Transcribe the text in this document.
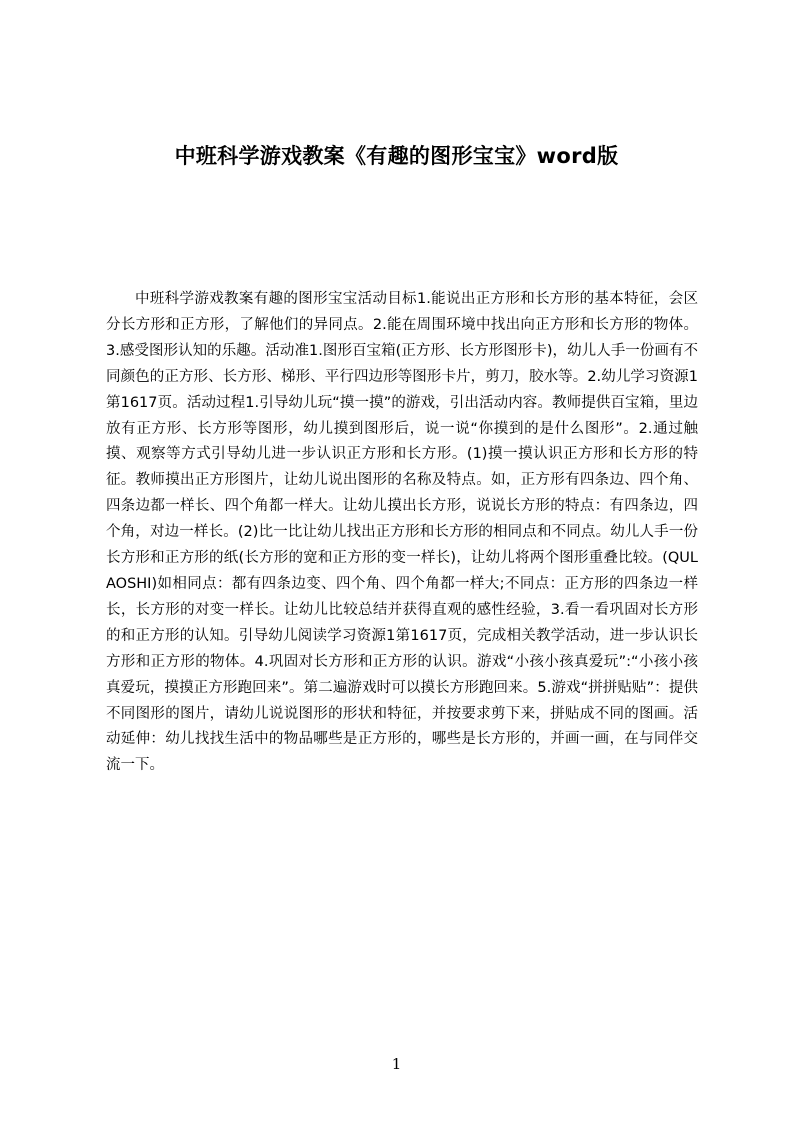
中班科学游戏教案《有趣的图形宝宝》word版
中班科学游戏教案有趣的图形宝宝活动目标1.能说出正方形和长方形的基本特征，会区分长方形和正方形，了解他们的异同点。2.能在周围环境中找出向正方形和长方形的物体。3.感受图形认知的乐趣。活动准1.图形百宝箱(正方形、长方形图形卡)，幼儿人手一份画有不同颜色的正方形、长方形、梯形、平行四边形等图形卡片，剪刀，胶水等。2.幼儿学习资源1第1617页。活动过程1.引导幼儿玩“摸一摸”的游戏，引出活动内容。教师提供百宝箱，里边放有正方形、长方形等图形，幼儿摸到图形后，说一说“你摸到的是什么图形”。2.通过触摸、观察等方式引导幼儿进一步认识正方形和长方形。(1)摸一摸认识正方形和长方形的特征。教师摸出正方形图片，让幼儿说出图形的名称及特点。如，正方形有四条边、四个角、四条边都一样长、四个角都一样大。让幼儿摸出长方形，说说长方形的特点：有四条边，四个角，对边一样长。(2)比一比让幼儿找出正方形和长方形的相同点和不同点。幼儿人手一份长方形和正方形的纸(长方形的宽和正方形的变一样长)，让幼儿将两个图形重叠比较。(QULAOSHI)如相同点：都有四条边变、四个角、四个角都一样大;不同点：正方形的四条边一样长，长方形的对变一样长。让幼儿比较总结并获得直观的感性经验，3.看一看巩固对长方形的和正方形的认知。引导幼儿阅读学习资源1第1617页，完成相关教学活动，进一步认识长方形和正方形的物体。4.巩固对长方形和正方形的认识。游戏“小孩小孩真爱玩”:“小孩小孩真爱玩，摸摸正方形跑回来”。第二遍游戏时可以摸长方形跑回来。5.游戏“拼拼贴贴”：提供不同图形的图片，请幼儿说说图形的形状和特征，并按要求剪下来，拼贴成不同的图画。活动延伸：幼儿找找生活中的物品哪些是正方形的，哪些是长方形的，并画一画，在与同伴交流一下。
1
